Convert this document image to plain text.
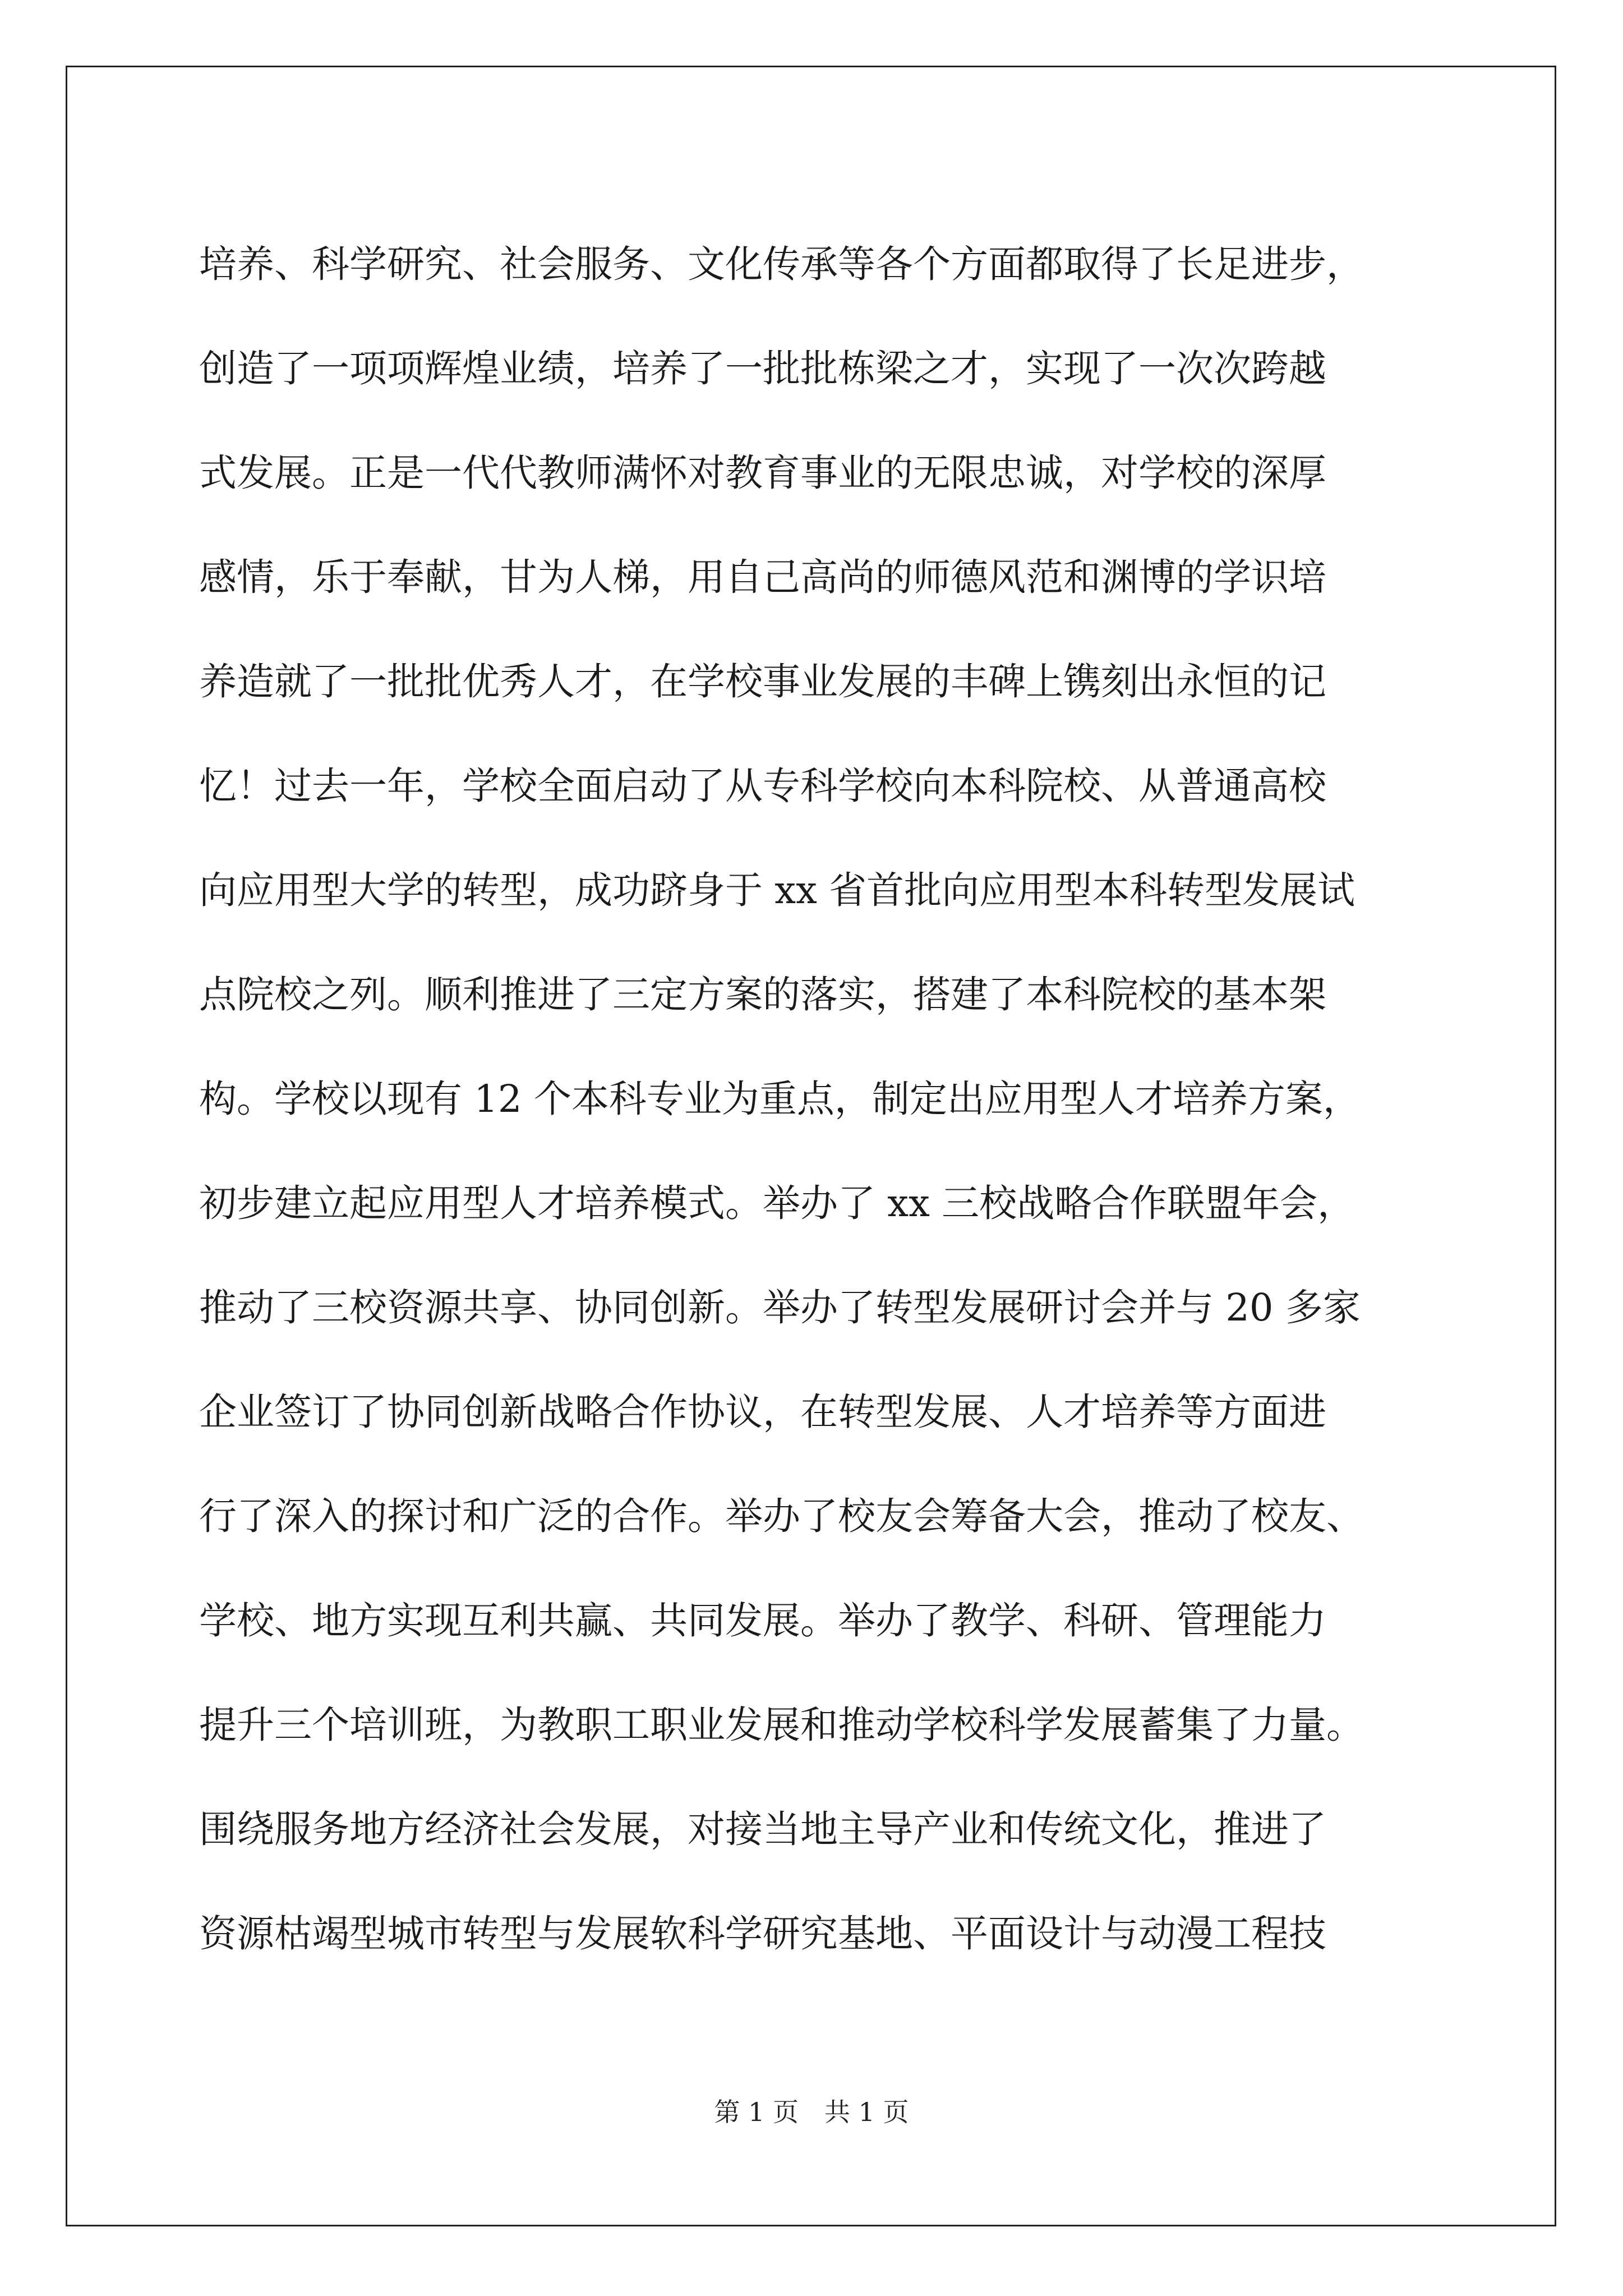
培养、科学研究、社会服务、文化传承等各个方面都取得了长足进步，
创造了一项项辉煌业绩，培养了一批批栋梁之才，实现了一次次跨越
式发展。正是一代代教师满怀对教育事业的无限忠诚，对学校的深厚
感情，乐于奉献，甘为人梯，用自己高尚的师德风范和渊博的学识培
养造就了一批批优秀人才，在学校事业发展的丰碑上镌刻出永恒的记
忆！过去一年，学校全面启动了从专科学校向本科院校、从普通高校
向应用型大学的转型，成功跻身于 xx 省首批向应用型本科转型发展试
点院校之列。顺利推进了三定方案的落实，搭建了本科院校的基本架
构。学校以现有 12 个本科专业为重点，制定出应用型人才培养方案，
初步建立起应用型人才培养模式。举办了 xx 三校战略合作联盟年会，
推动了三校资源共享、协同创新。举办了转型发展研讨会并与 20 多家
企业签订了协同创新战略合作协议，在转型发展、人才培养等方面进
行了深入的探讨和广泛的合作。举办了校友会筹备大会，推动了校友、
学校、地方实现互利共赢、共同发展。举办了教学、科研、管理能力
提升三个培训班，为教职工职业发展和推动学校科学发展蓄集了力量。
围绕服务地方经济社会发展，对接当地主导产业和传统文化，推进了
资源枯竭型城市转型与发展软科学研究基地、平面设计与动漫工程技
第 1 页 共 1 页
